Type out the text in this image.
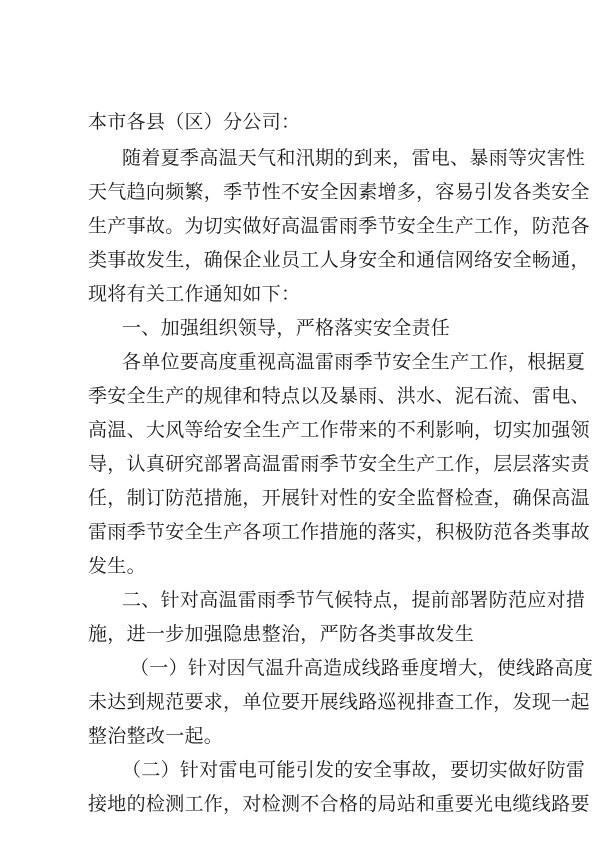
本市各县（区）分公司：
随着夏季高温天气和汛期的到来，雷电、暴雨等灾害性
天气趋向频繁，季节性不安全因素增多，容易引发各类安全
生产事故。为切实做好高温雷雨季节安全生产工作，防范各
类事故发生，确保企业员工人身安全和通信网络安全畅通，
现将有关工作通知如下：
一、加强组织领导，严格落实安全责任
各单位要高度重视高温雷雨季节安全生产工作，根据夏
季安全生产的规律和特点以及暴雨、洪水、泥石流、雷电、
高温、大风等给安全生产工作带来的不利影响，切实加强领
导，认真研究部署高温雷雨季节安全生产工作，层层落实责
任，制订防范措施，开展针对性的安全监督检查，确保高温
雷雨季节安全生产各项工作措施的落实，积极防范各类事故
发生。
二、针对高温雷雨季节气候特点，提前部署防范应对措
施，进一步加强隐患整治，严防各类事故发生
（一）针对因气温升高造成线路垂度增大，使线路高度
未达到规范要求，单位要开展线路巡视排查工作，发现一起
整治整改一起。
（二）针对雷电可能引发的安全事故，要切实做好防雷
接地的检测工作，对检测不合格的局站和重要光电缆线路要
